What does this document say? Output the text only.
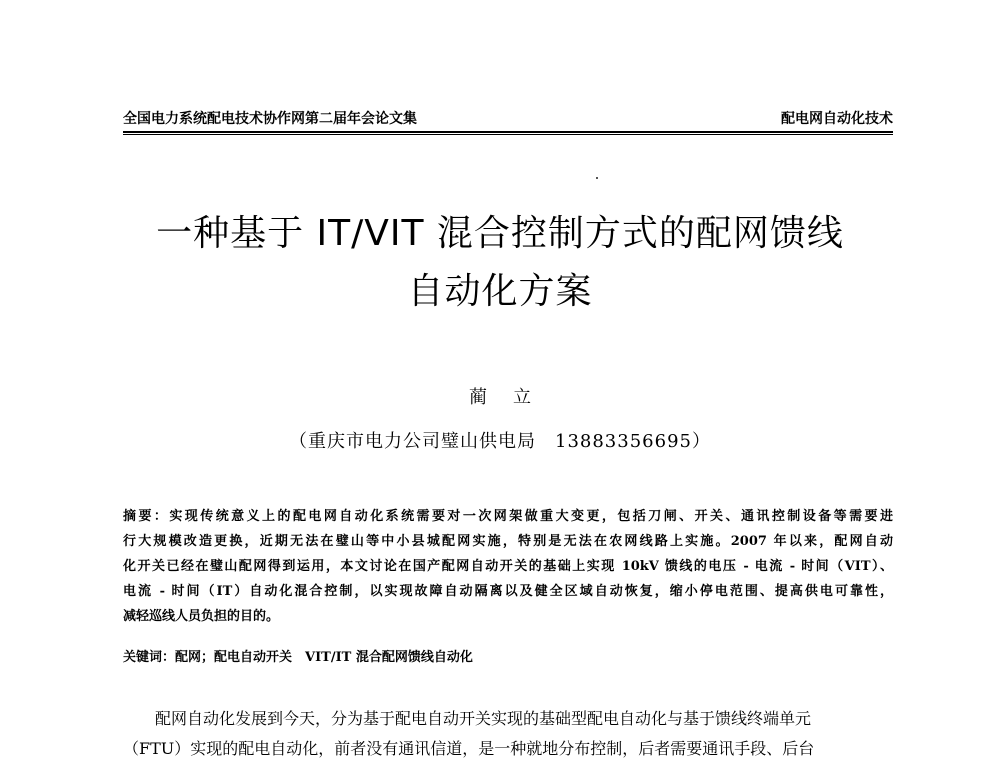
全国电力系统配电技术协作网第二届年会论文集	配电网自动化技术
一种基于 IT/VIT 混合控制方式的配网馈线
自动化方案
蔺立
（重庆市电力公司璧山供电局　13883356695）
摘要：实现传统意义上的配电网自动化系统需要对一次网架做重大变更，包括刀闸、开关、通讯控制设备等需要进
行大规模改造更换，近期无法在璧山等中小县城配网实施，特别是无法在农网线路上实施。2007 年以来，配网自动
化开关已经在璧山配网得到运用，本文讨论在国产配网自动开关的基础上实现 10kV 馈线的电压 - 电流 - 时间（VIT）、
电流 - 时间（IT）自动化混合控制，以实现故障自动隔离以及健全区域自动恢复，缩小停电范围、提高供电可靠性，
减轻巡线人员负担的目的。
关键词：配网；配电自动开关　VIT/IT 混合配网馈线自动化
配网自动化发展到今天，分为基于配电自动开关实现的基础型配电自动化与基于馈线终端单元
（FTU）实现的配电自动化，前者没有通讯信道，是一种就地分布控制，后者需要通讯手段、后台
